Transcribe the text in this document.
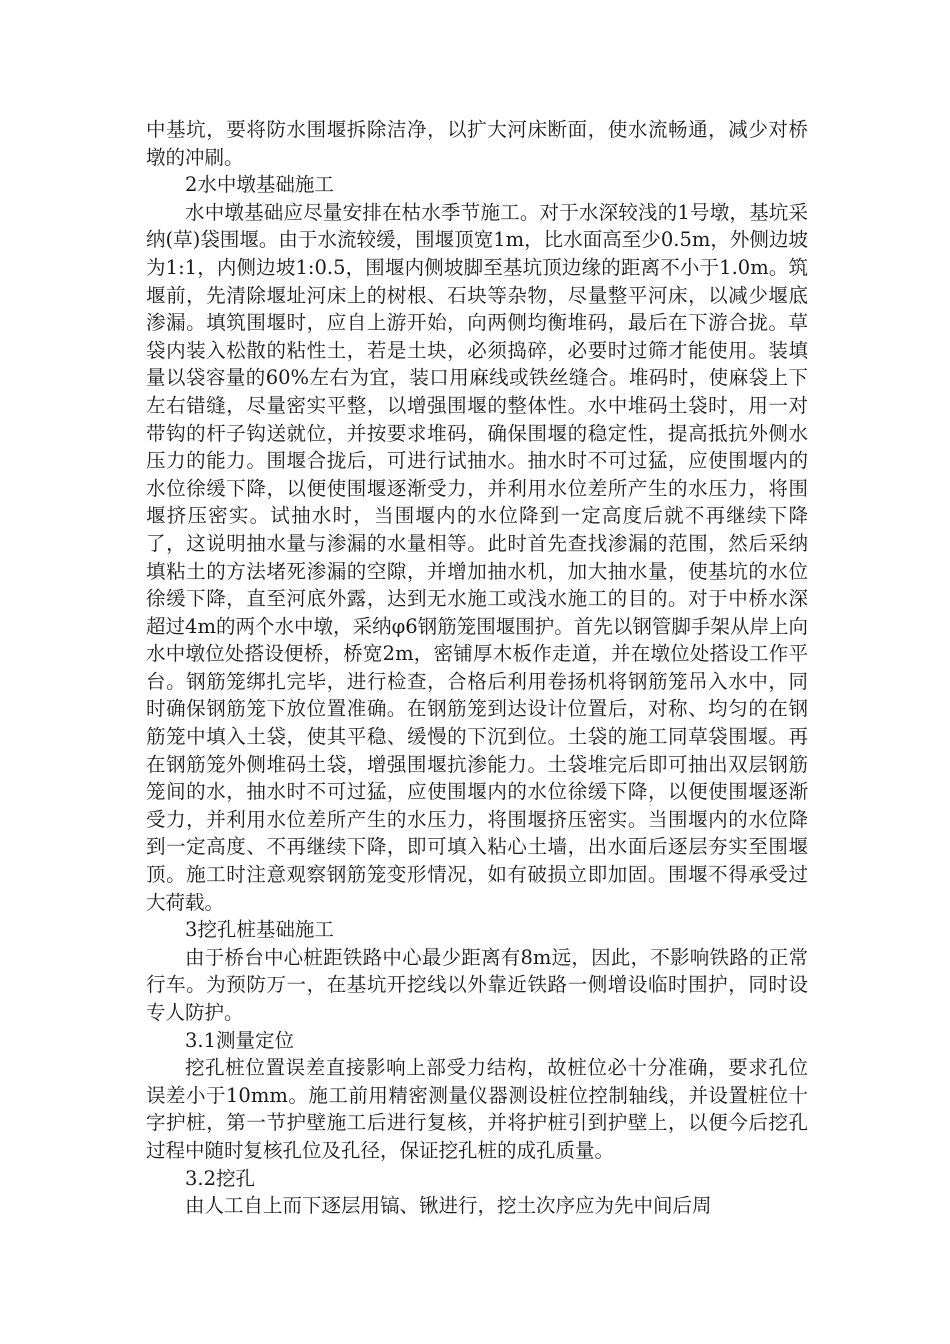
中基坑，要将防水围堰拆除洁净，以扩大河床断面，使水流畅通，减少对桥墩的冲刷。

2水中墩基础施工

水中墩基础应尽量安排在枯水季节施工。对于水深较浅的1号墩，基坑采纳(草)袋围堰。由于水流较缓，围堰顶宽1m，比水面高至少0.5m，外侧边坡为1:1，内侧边坡1:0.5，围堰内侧坡脚至基坑顶边缘的距离不小于1.0m。筑堰前，先清除堰址河床上的树根、石块等杂物，尽量整平河床，以减少堰底渗漏。填筑围堰时，应自上游开始，向两侧均衡堆码，最后在下游合拢。草袋内装入松散的粘性土，若是土块，必须捣碎，必要时过筛才能使用。装填量以袋容量的60%左右为宜，装口用麻线或铁丝缝合。堆码时，使麻袋上下左右错缝，尽量密实平整，以增强围堰的整体性。水中堆码土袋时，用一对带钩的杆子钩送就位，并按要求堆码，确保围堰的稳定性，提高抵抗外侧水压力的能力。围堰合拢后，可进行试抽水。抽水时不可过猛，应使围堰内的水位徐缓下降，以便使围堰逐渐受力，并利用水位差所产生的水压力，将围堰挤压密实。试抽水时，当围堰内的水位降到一定高度后就不再继续下降了，这说明抽水量与渗漏的水量相等。此时首先查找渗漏的范围，然后采纳填粘土的方法堵死渗漏的空隙，并增加抽水机，加大抽水量，使基坑的水位徐缓下降，直至河底外露，达到无水施工或浅水施工的目的。对于中桥水深超过4m的两个水中墩，采纳φ6钢筋笼围堰围护。首先以钢管脚手架从岸上向水中墩位处搭设便桥，桥宽2m，密铺厚木板作走道，并在墩位处搭设工作平台。钢筋笼绑扎完毕，进行检查，合格后利用卷扬机将钢筋笼吊入水中，同时确保钢筋笼下放位置准确。在钢筋笼到达设计位置后，对称、均匀的在钢筋笼中填入土袋，使其平稳、缓慢的下沉到位。土袋的施工同草袋围堰。再在钢筋笼外侧堆码土袋，增强围堰抗渗能力。土袋堆完后即可抽出双层钢筋笼间的水，抽水时不可过猛，应使围堰内的水位徐缓下降，以便使围堰逐渐受力，并利用水位差所产生的水压力，将围堰挤压密实。当围堰内的水位降到一定高度、不再继续下降，即可填入粘心土墙，出水面后逐层夯实至围堰顶。施工时注意观察钢筋笼变形情况，如有破损立即加固。围堰不得承受过大荷载。

3挖孔桩基础施工

由于桥台中心桩距铁路中心最少距离有8m远，因此，不影响铁路的正常行车。为预防万一，在基坑开挖线以外靠近铁路一侧增设临时围护，同时设专人防护。

3.1测量定位

挖孔桩位置误差直接影响上部受力结构，故桩位必十分准确，要求孔位误差小于10mm。施工前用精密测量仪器测设桩位控制轴线，并设置桩位十字护桩，第一节护壁施工后进行复核，并将护桩引到护壁上，以便今后挖孔过程中随时复核孔位及孔径，保证挖孔桩的成孔质量。

3.2挖孔

由人工自上而下逐层用镐、锹进行，挖土次序应为先中间后周
